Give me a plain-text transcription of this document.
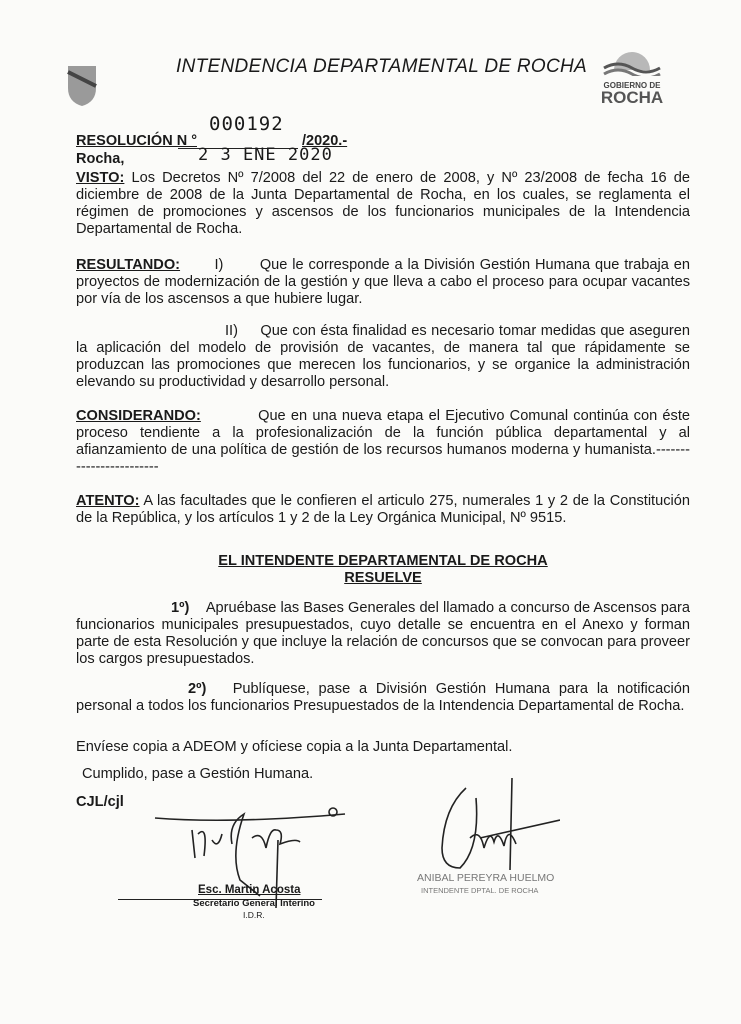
INTENDENCIA DEPARTAMENTAL DE ROCHA
GOBIERNO DE
ROCHA
RESOLUCIÓN N °
000192
/2020.-
Rocha,	2 3 ENE 2020
VISTO: Los Decretos Nº 7/2008 del 22 de enero de 2008, y Nº 23/2008 de fecha 16 de diciembre de 2008 de la Junta Departamental de Rocha, en los cuales, se reglamenta el régimen de promociones y ascensos de los funcionarios municipales de la Intendencia Departamental de Rocha.
RESULTANDO: I) Que le corresponde a la División Gestión Humana que trabaja en proyectos de modernización de la gestión y que lleva a cabo el proceso para ocupar vacantes por vía de los ascensos a que hubiere lugar.
II) Que con ésta finalidad es necesario tomar medidas que aseguren la aplicación del modelo de provisión de vacantes, de manera tal que rápidamente se produzcan las promociones que merecen los funcionarios, y se organice la administración elevando su productividad y desarrollo personal.
CONSIDERANDO:	Que en una nueva etapa el Ejecutivo Comunal continúa con éste proceso tendiente a la profesionalización de la función pública departamental y al afianzamiento de una política de gestión de los recursos humanos moderna y humanista.------------------------
ATENTO: A las facultades que le confieren el articulo 275, numerales 1 y 2 de la Constitución de la República, y los artículos 1 y 2 de la Ley Orgánica Municipal, Nº 9515.
EL INTENDENTE DEPARTAMENTAL DE ROCHA
RESUELVE
1º) Apruébase las Bases Generales del llamado a concurso de Ascensos para funcionarios municipales presupuestados, cuyo detalle se encuentra en el Anexo y forman parte de esta Resolución y que incluye la relación de concursos que se convocan para proveer los cargos presupuestados.
2º) Publíquese, pase a División Gestión Humana para la notificación personal a todos los funcionarios Presupuestados de la Intendencia Departamental de Rocha.
Envíese copia a ADEOM y ofíciese copia a la Junta Departamental.
Cumplido, pase a Gestión Humana.
CJL/cjl
Esc. Martin Acosta
Secretario General Interino
I.D.R.
ANIBAL PEREYRA HUELMO
INTENDENTE DPTAL. DE ROCHA
